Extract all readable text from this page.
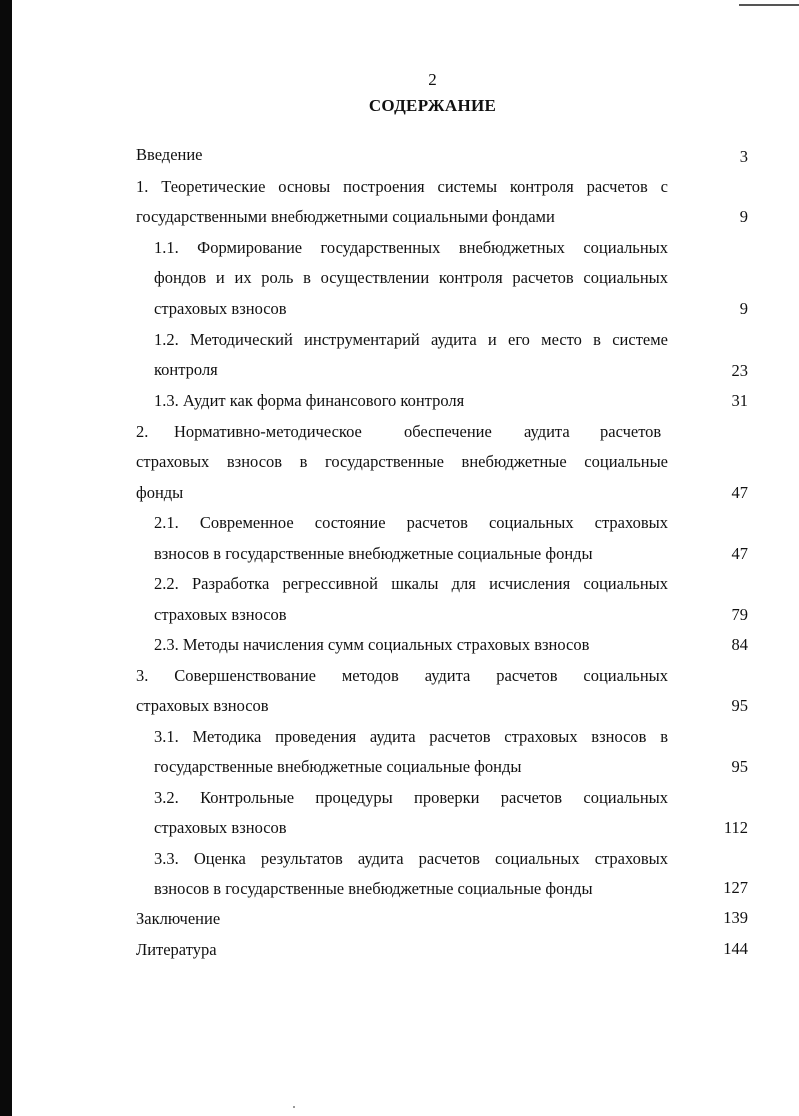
2
СОДЕРЖАНИЕ
Введение	3
1. Теоретические основы построения системы контроля расчетов с
государственными внебюджетными социальными фондами	9
1.1. Формирование государственных внебюджетных социальных
фондов и их роль в осуществлении контроля расчетов социальных
страховых взносов	9
1.2. Методический инструментарий аудита и его место в системе
контроля	23
1.3. Аудит как форма финансового контроля	31
2. Нормативно-методическое	обеспечение аудита расчетов
страховых взносов в государственные внебюджетные социальные
фонды	47
2.1. Современное состояние расчетов социальных страховых
взносов в государственные внебюджетные социальные фонды	47
2.2. Разработка регрессивной шкалы для исчисления социальных
страховых взносов	79
2.3. Методы начисления сумм социальных страховых взносов	84
3. Совершенствование методов аудита расчетов социальных
страховых взносов	95
3.1. Методика проведения аудита расчетов страховых взносов в
государственные внебюджетные социальные фонды	95
3.2. Контрольные процедуры проверки расчетов социальных
страховых взносов	112
3.3. Оценка результатов аудита расчетов социальных страховых
взносов в государственные внебюджетные социальные фонды	127
Заключение	139
Литература	144
